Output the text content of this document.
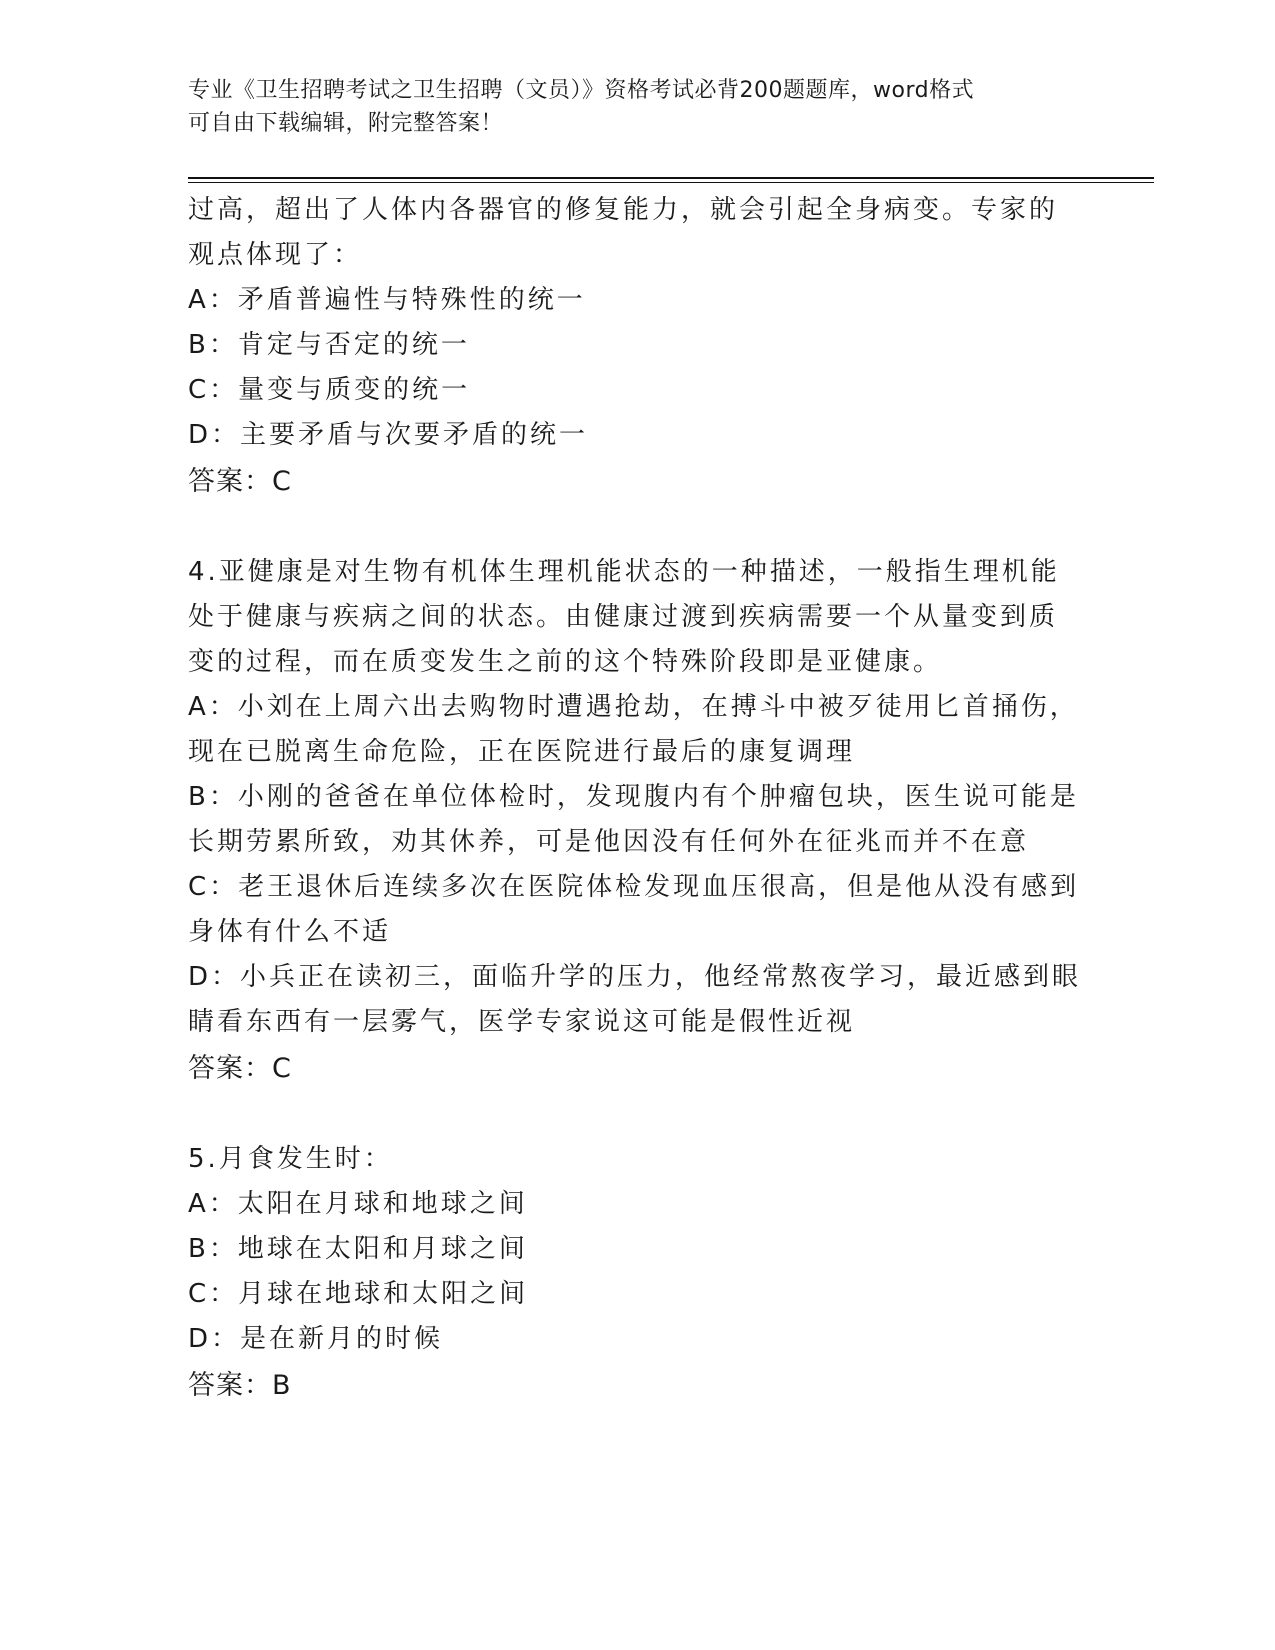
专业《卫生招聘考试之卫生招聘（文员）》资格考试必背200题题库，word格式
可自由下载编辑，附完整答案！
过高，超出了人体内各器官的修复能力，就会引起全身病变。专家的
观点体现了：
A：矛盾普遍性与特殊性的统一
B：肯定与否定的统一
C：量变与质变的统一
D：主要矛盾与次要矛盾的统一
答案：C
4.亚健康是对生物有机体生理机能状态的一种描述，一般指生理机能
处于健康与疾病之间的状态。由健康过渡到疾病需要一个从量变到质
变的过程，而在质变发生之前的这个特殊阶段即是亚健康。
A：小刘在上周六出去购物时遭遇抢劫，在搏斗中被歹徒用匕首捅伤，
现在已脱离生命危险，正在医院进行最后的康复调理
B：小刚的爸爸在单位体检时，发现腹内有个肿瘤包块，医生说可能是
长期劳累所致，劝其休养，可是他因没有任何外在征兆而并不在意
C：老王退休后连续多次在医院体检发现血压很高，但是他从没有感到
身体有什么不适
D：小兵正在读初三，面临升学的压力，他经常熬夜学习，最近感到眼
睛看东西有一层雾气，医学专家说这可能是假性近视
答案：C
5.月食发生时：
A：太阳在月球和地球之间
B：地球在太阳和月球之间
C：月球在地球和太阳之间
D：是在新月的时候
答案：B
